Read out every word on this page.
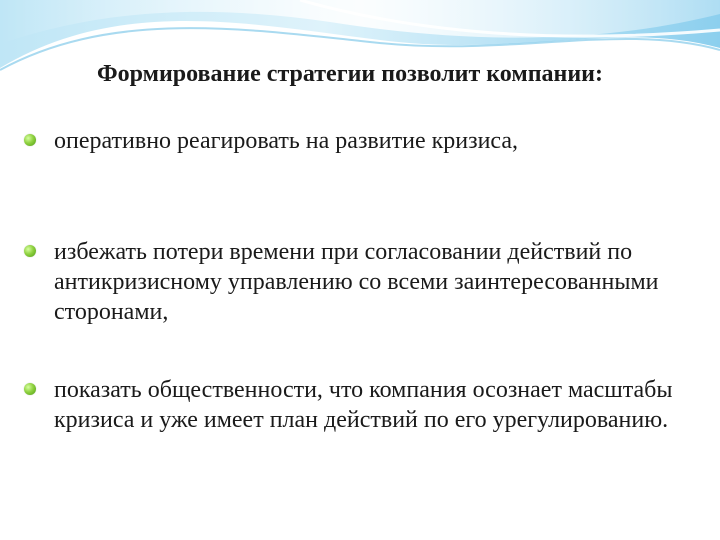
Формирование стратегии позволит компании:
оперативно реагировать на развитие кризиса,
избежать потери времени при согласовании действий по антикризисному управлению со всеми заинтересованными сторонами,
показать общественности, что компания осознает масштабы кризиса и уже имеет план действий по его урегулированию.
